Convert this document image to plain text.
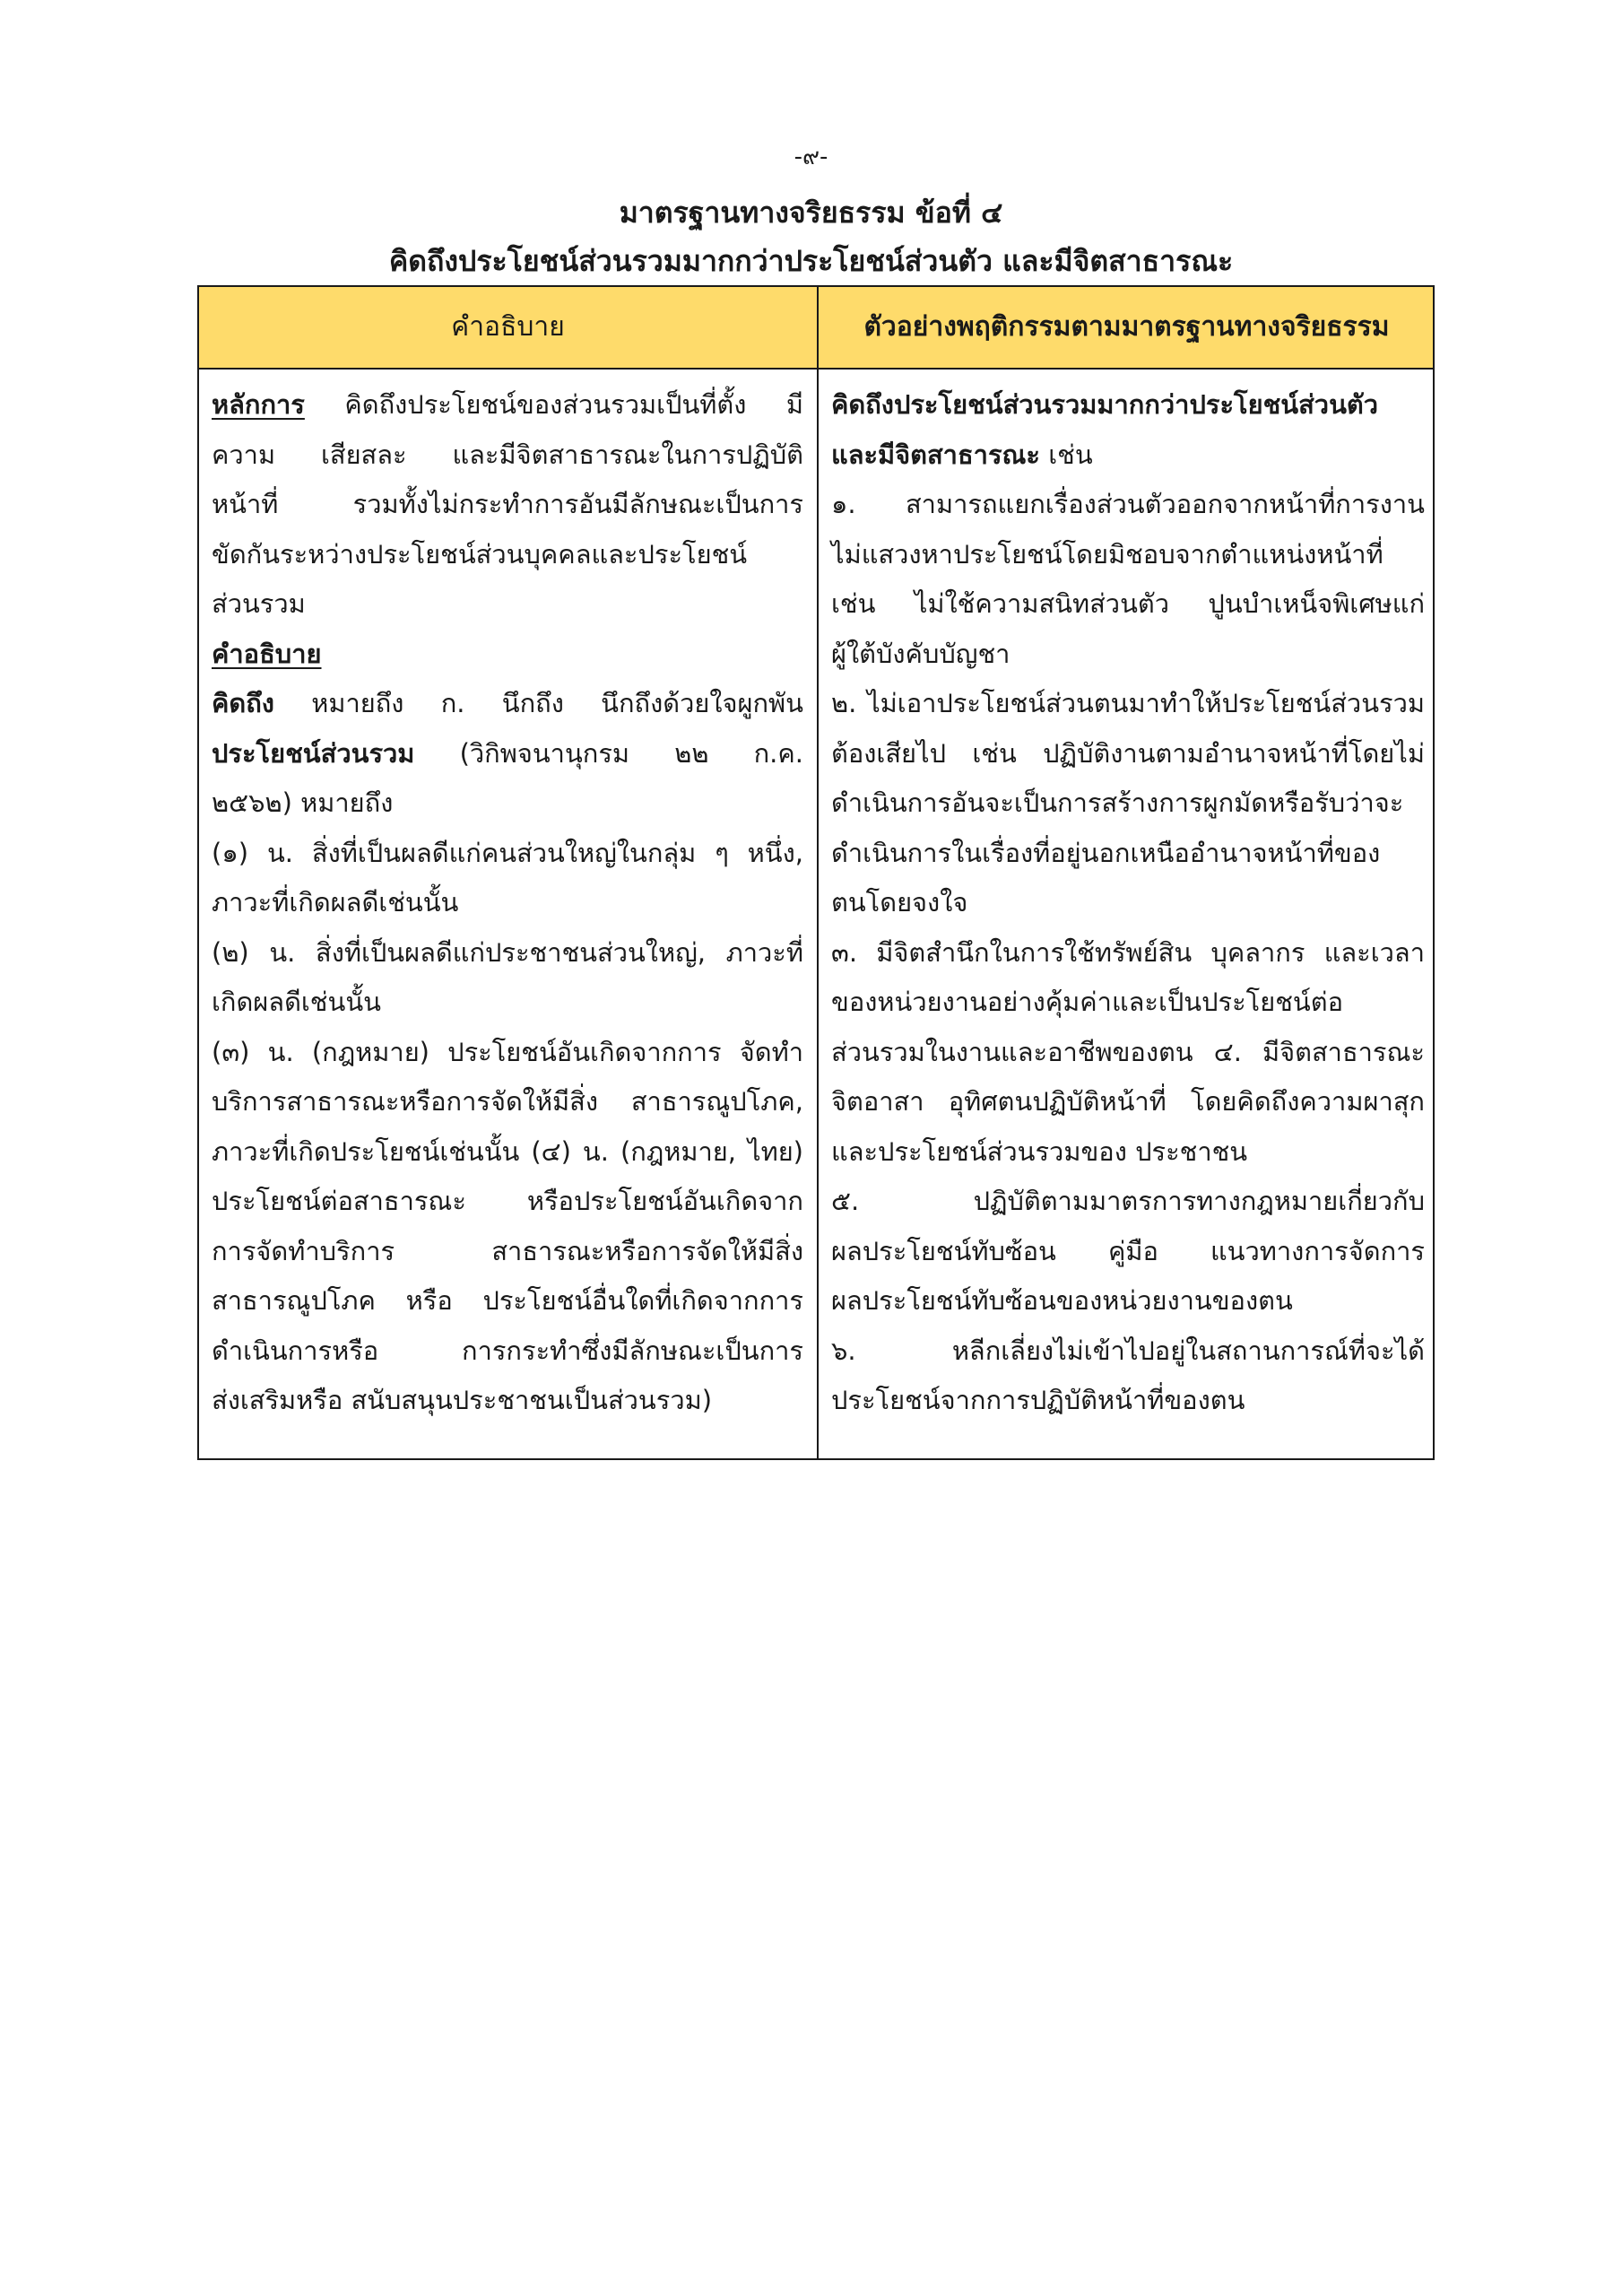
-๙-
มาตรฐานทางจริยธรรม ข้อที่ ๔
คิดถึงประโยชน์ส่วนรวมมากกว่าประโยชน์ส่วนตัว และมีจิตสาธารณะ
คำอธิบาย	ตัวอย่างพฤติกรรมตามมาตรฐานทางจริยธรรม
หลักการ คิดถึงประโยชน์ของส่วนรวมเป็นที่ตั้ง มี
ความ เสียสละ และมีจิตสาธารณะในการปฏิบัติ
หน้าที่ รวมทั้งไม่กระทำการอันมีลักษณะเป็นการ
ขัดกันระหว่างประโยชน์ส่วนบุคคลและประโยชน์
ส่วนรวม
คำอธิบาย
คิดถึง หมายถึง ก. นึกถึง นึกถึงด้วยใจผูกพัน
ประโยชน์ส่วนรวม (วิกิพจนานุกรม ๒๒ ก.ค.
๒๕๖๒) หมายถึง
(๑) น. สิ่งที่เป็นผลดีแก่คนส่วนใหญ่ในกลุ่ม ๆ หนึ่ง,
ภาวะที่เกิดผลดีเช่นนั้น
(๒) น. สิ่งที่เป็นผลดีแก่ประชาชนส่วนใหญ่, ภาวะที่
เกิดผลดีเช่นนั้น
(๓) น. (กฎหมาย) ประโยชน์อันเกิดจากการ จัดทำ
บริการสาธารณะหรือการจัดให้มีสิ่ง สาธารณูปโภค,
ภาวะที่เกิดประโยชน์เช่นนั้น (๔) น. (กฎหมาย, ไทย)
ประโยชน์ต่อสาธารณะ หรือประโยชน์อันเกิดจาก
การจัดทำบริการ สาธารณะหรือการจัดให้มีสิ่ง
สาธารณูปโภค หรือ ประโยชน์อื่นใดที่เกิดจากการ
ดำเนินการหรือ การกระทำซึ่งมีลักษณะเป็นการ
ส่งเสริมหรือ สนับสนุนประชาชนเป็นส่วนรวม)
คิดถึงประโยชน์ส่วนรวมมากกว่าประโยชน์ส่วนตัว
และมีจิตสาธารณะ เช่น
๑. สามารถแยกเรื่องส่วนตัวออกจากหน้าที่การงาน
ไม่แสวงหาประโยชน์โดยมิชอบจากตำแหน่งหน้าที่
เช่น ไม่ใช้ความสนิทส่วนตัว ปูนบำเหน็จพิเศษแก่
ผู้ใต้บังคับบัญชา
๒. ไม่เอาประโยชน์ส่วนตนมาทำให้ประโยชน์ส่วนรวม
ต้องเสียไป เช่น ปฏิบัติงานตามอำนาจหน้าที่โดยไม่
ดำเนินการอันจะเป็นการสร้างการผูกมัดหรือรับว่าจะ
ดำเนินการในเรื่องที่อยู่นอกเหนืออำนาจหน้าที่ของ
ตนโดยจงใจ
๓. มีจิตสำนึกในการใช้ทรัพย์สิน บุคลากร และเวลา
ของหน่วยงานอย่างคุ้มค่าและเป็นประโยชน์ต่อ
ส่วนรวมในงานและอาชีพของตน ๔. มีจิตสาธารณะ
จิตอาสา อุทิศตนปฏิบัติหน้าที่ โดยคิดถึงความผาสุก
และประโยชน์ส่วนรวมของ ประชาชน
๕. ปฏิบัติตามมาตรการทางกฎหมายเกี่ยวกับ
ผลประโยชน์ทับซ้อน คู่มือ แนวทางการจัดการ
ผลประโยชน์ทับซ้อนของหน่วยงานของตน
๖. หลีกเลี่ยงไม่เข้าไปอยู่ในสถานการณ์ที่จะได้
ประโยชน์จากการปฏิบัติหน้าที่ของตน
